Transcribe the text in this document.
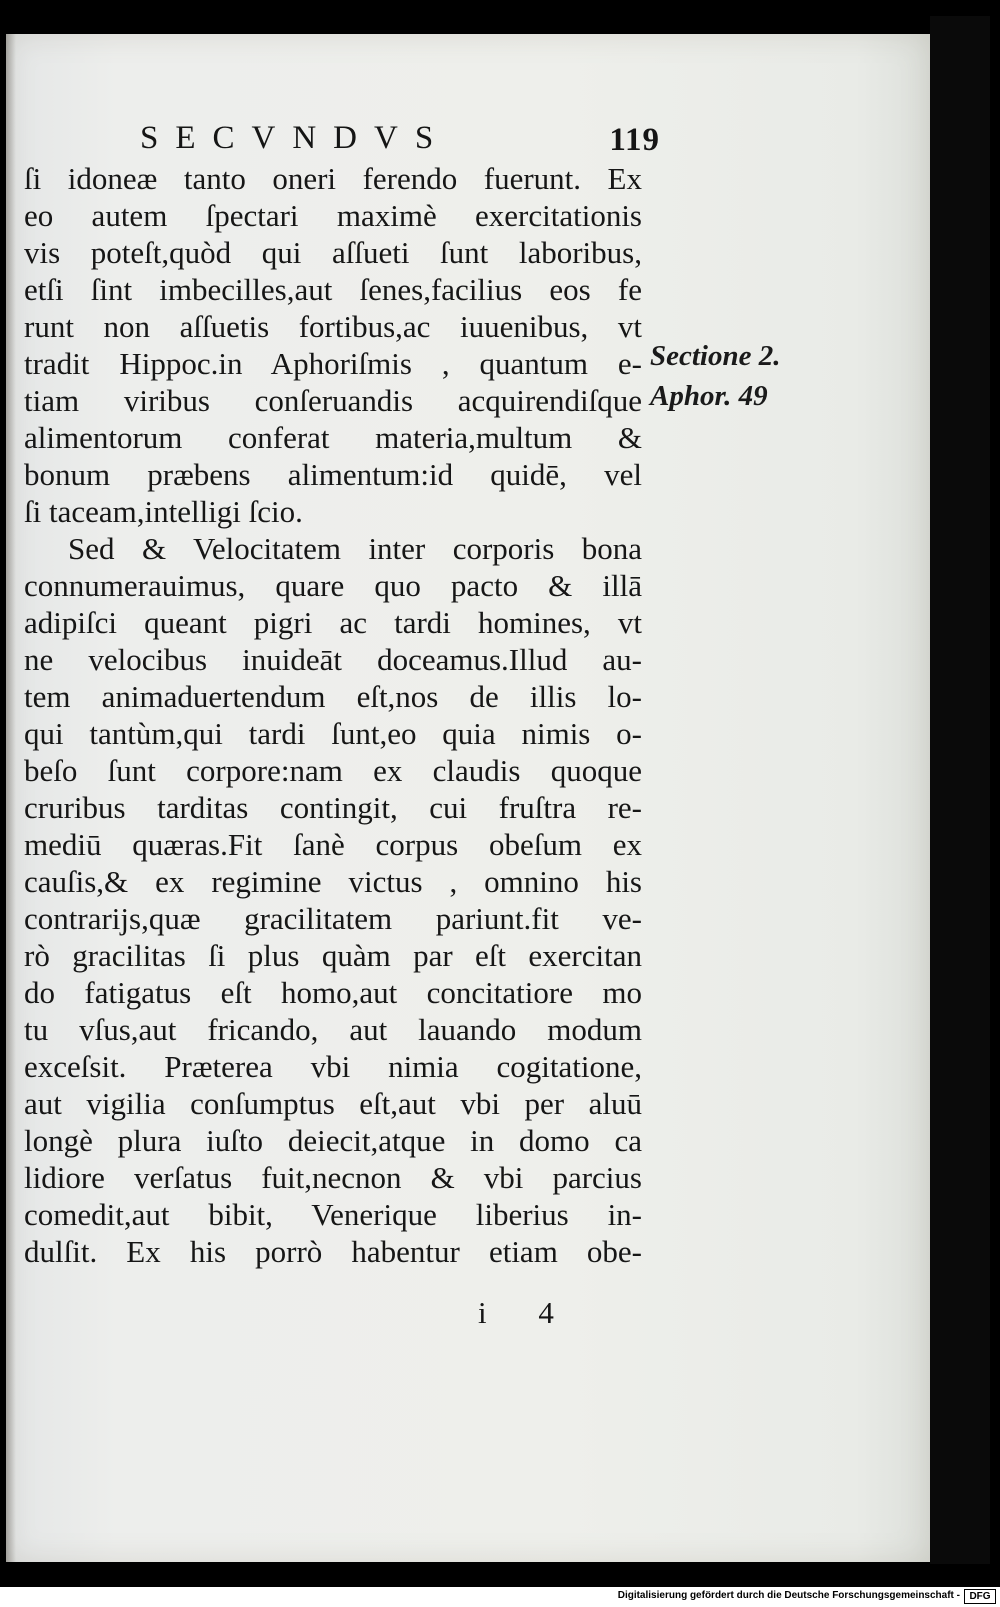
SECVNDVS	119
ſi idoneæ tanto oneri ferendo fuerunt. Ex
eo autem ſpectari maximè exercitationis
vis poteſt,quòd qui aſſueti ſunt laboribus,
etſi ſint imbecilles,aut ſenes,facilius eos fe
runt non aſſuetis fortibus,ac iuuenibus, vt
tradit Hippoc.in Aphoriſmis , quantum e-
tiam viribus conſeruandis acquirendiſque
alimentorum conferat materia,multum &
bonum præbens alimentum:id quidē, vel
ſi taceam,intelligi ſcio.
Sed & Velocitatem inter corporis bona
connumerauimus, quare quo pacto & illā
adipiſci queant pigri ac tardi homines, vt
ne velocibus inuideāt doceamus.Illud au-
tem animaduertendum eſt,nos de illis lo-
qui tantùm,qui tardi ſunt,eo quia nimis o-
beſo ſunt corpore:nam ex claudis quoque
cruribus tarditas contingit, cui fruſtra re-
mediū quæras.Fit ſanè corpus obeſum ex
cauſis,& ex regimine victus , omnino his
contrarijs,quæ gracilitatem pariunt.fit ve-
rò gracilitas ſi plus quàm par eſt exercitan
do fatigatus eſt homo,aut concitatiore mo
tu vſus,aut fricando, aut lauando modum
exceſsit. Præterea vbi nimia cogitatione,
aut vigilia conſumptus eſt,aut vbi per aluū
longè plura iuſto deiecit,atque in domo ca
lidiore verſatus fuit,necnon & vbi parcius
comedit,aut bibit, Venerique liberius in-
dulſit. Ex his porrò habentur etiam obe-
Sectione 2.
Aphor. 49
i 4
Digitalisierung gefördert durch die Deutsche Forschungsgemeinschaft - DFG
